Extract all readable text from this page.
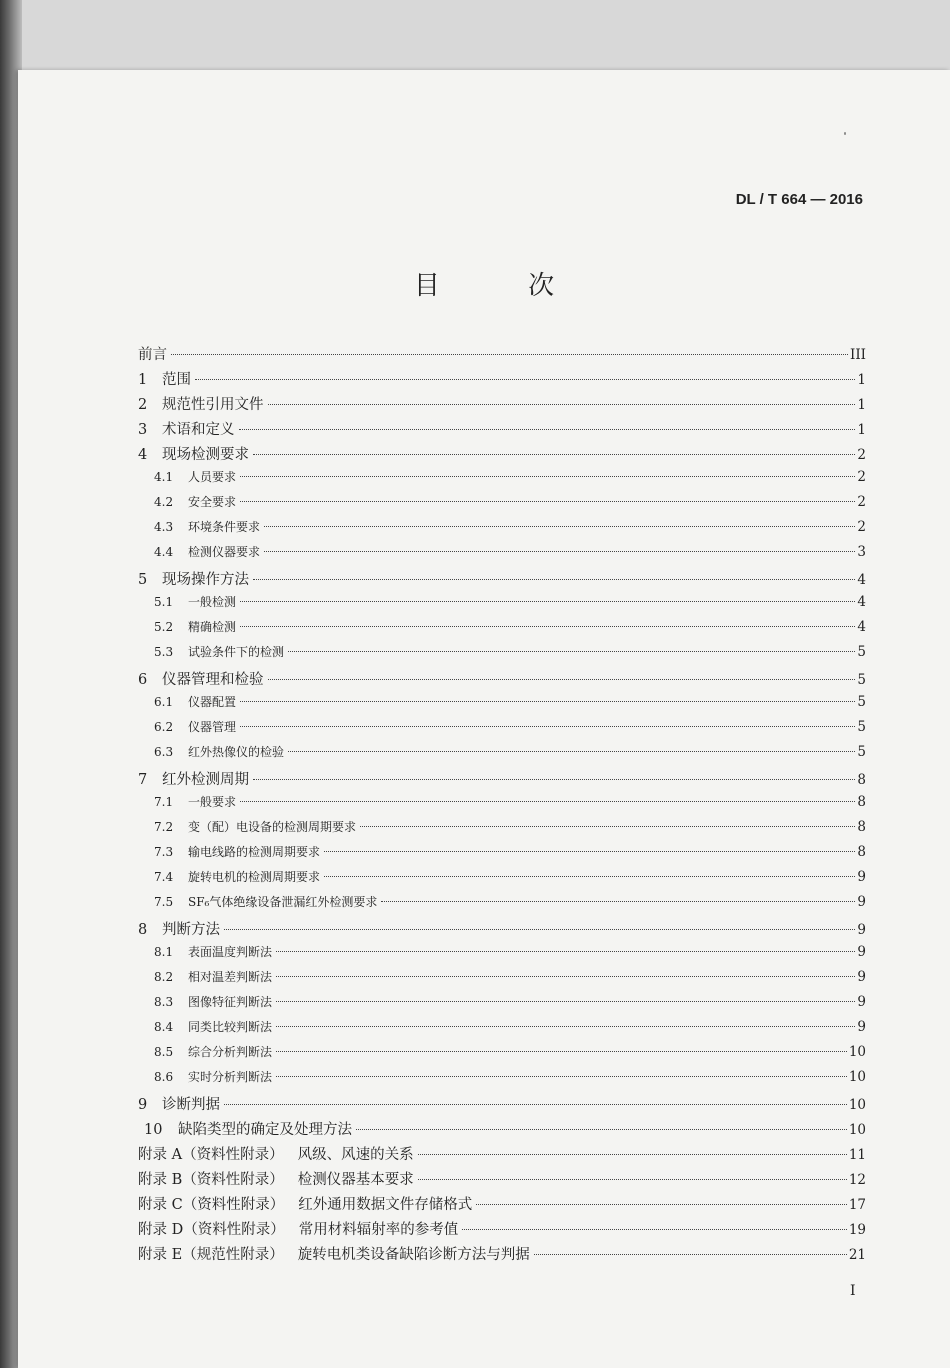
DL / T 664 — 2016
目 次
前言	III
1	范围	1
2	规范性引用文件	1
3	术语和定义	1
4	现场检测要求	2
4.1	人员要求	2
4.2	安全要求	2
4.3	环境条件要求	2
4.4	检测仪器要求	3
5	现场操作方法	4
5.1	一般检测	4
5.2	精确检测	4
5.3	试验条件下的检测	5
6	仪器管理和检验	5
6.1	仪器配置	5
6.2	仪器管理	5
6.3	红外热像仪的检验	5
7	红外检测周期	8
7.1	一般要求	8
7.2	变（配）电设备的检测周期要求	8
7.3	输电线路的检测周期要求	8
7.4	旋转电机的检测周期要求	9
7.5	SF₆气体绝缘设备泄漏红外检测要求	9
8	判断方法	9
8.1	表面温度判断法	9
8.2	相对温差判断法	9
8.3	图像特征判断法	9
8.4	同类比较判断法	9
8.5	综合分析判断法	10
8.6	实时分析判断法	10
9	诊断判据	10
10	缺陷类型的确定及处理方法	10
附录 A（资料性附录） 风级、风速的关系	11
附录 B（资料性附录） 检测仪器基本要求	12
附录 C（资料性附录） 红外通用数据文件存储格式	17
附录 D（资料性附录） 常用材料辐射率的参考值	19
附录 E（规范性附录） 旋转电机类设备缺陷诊断方法与判据	21
I
